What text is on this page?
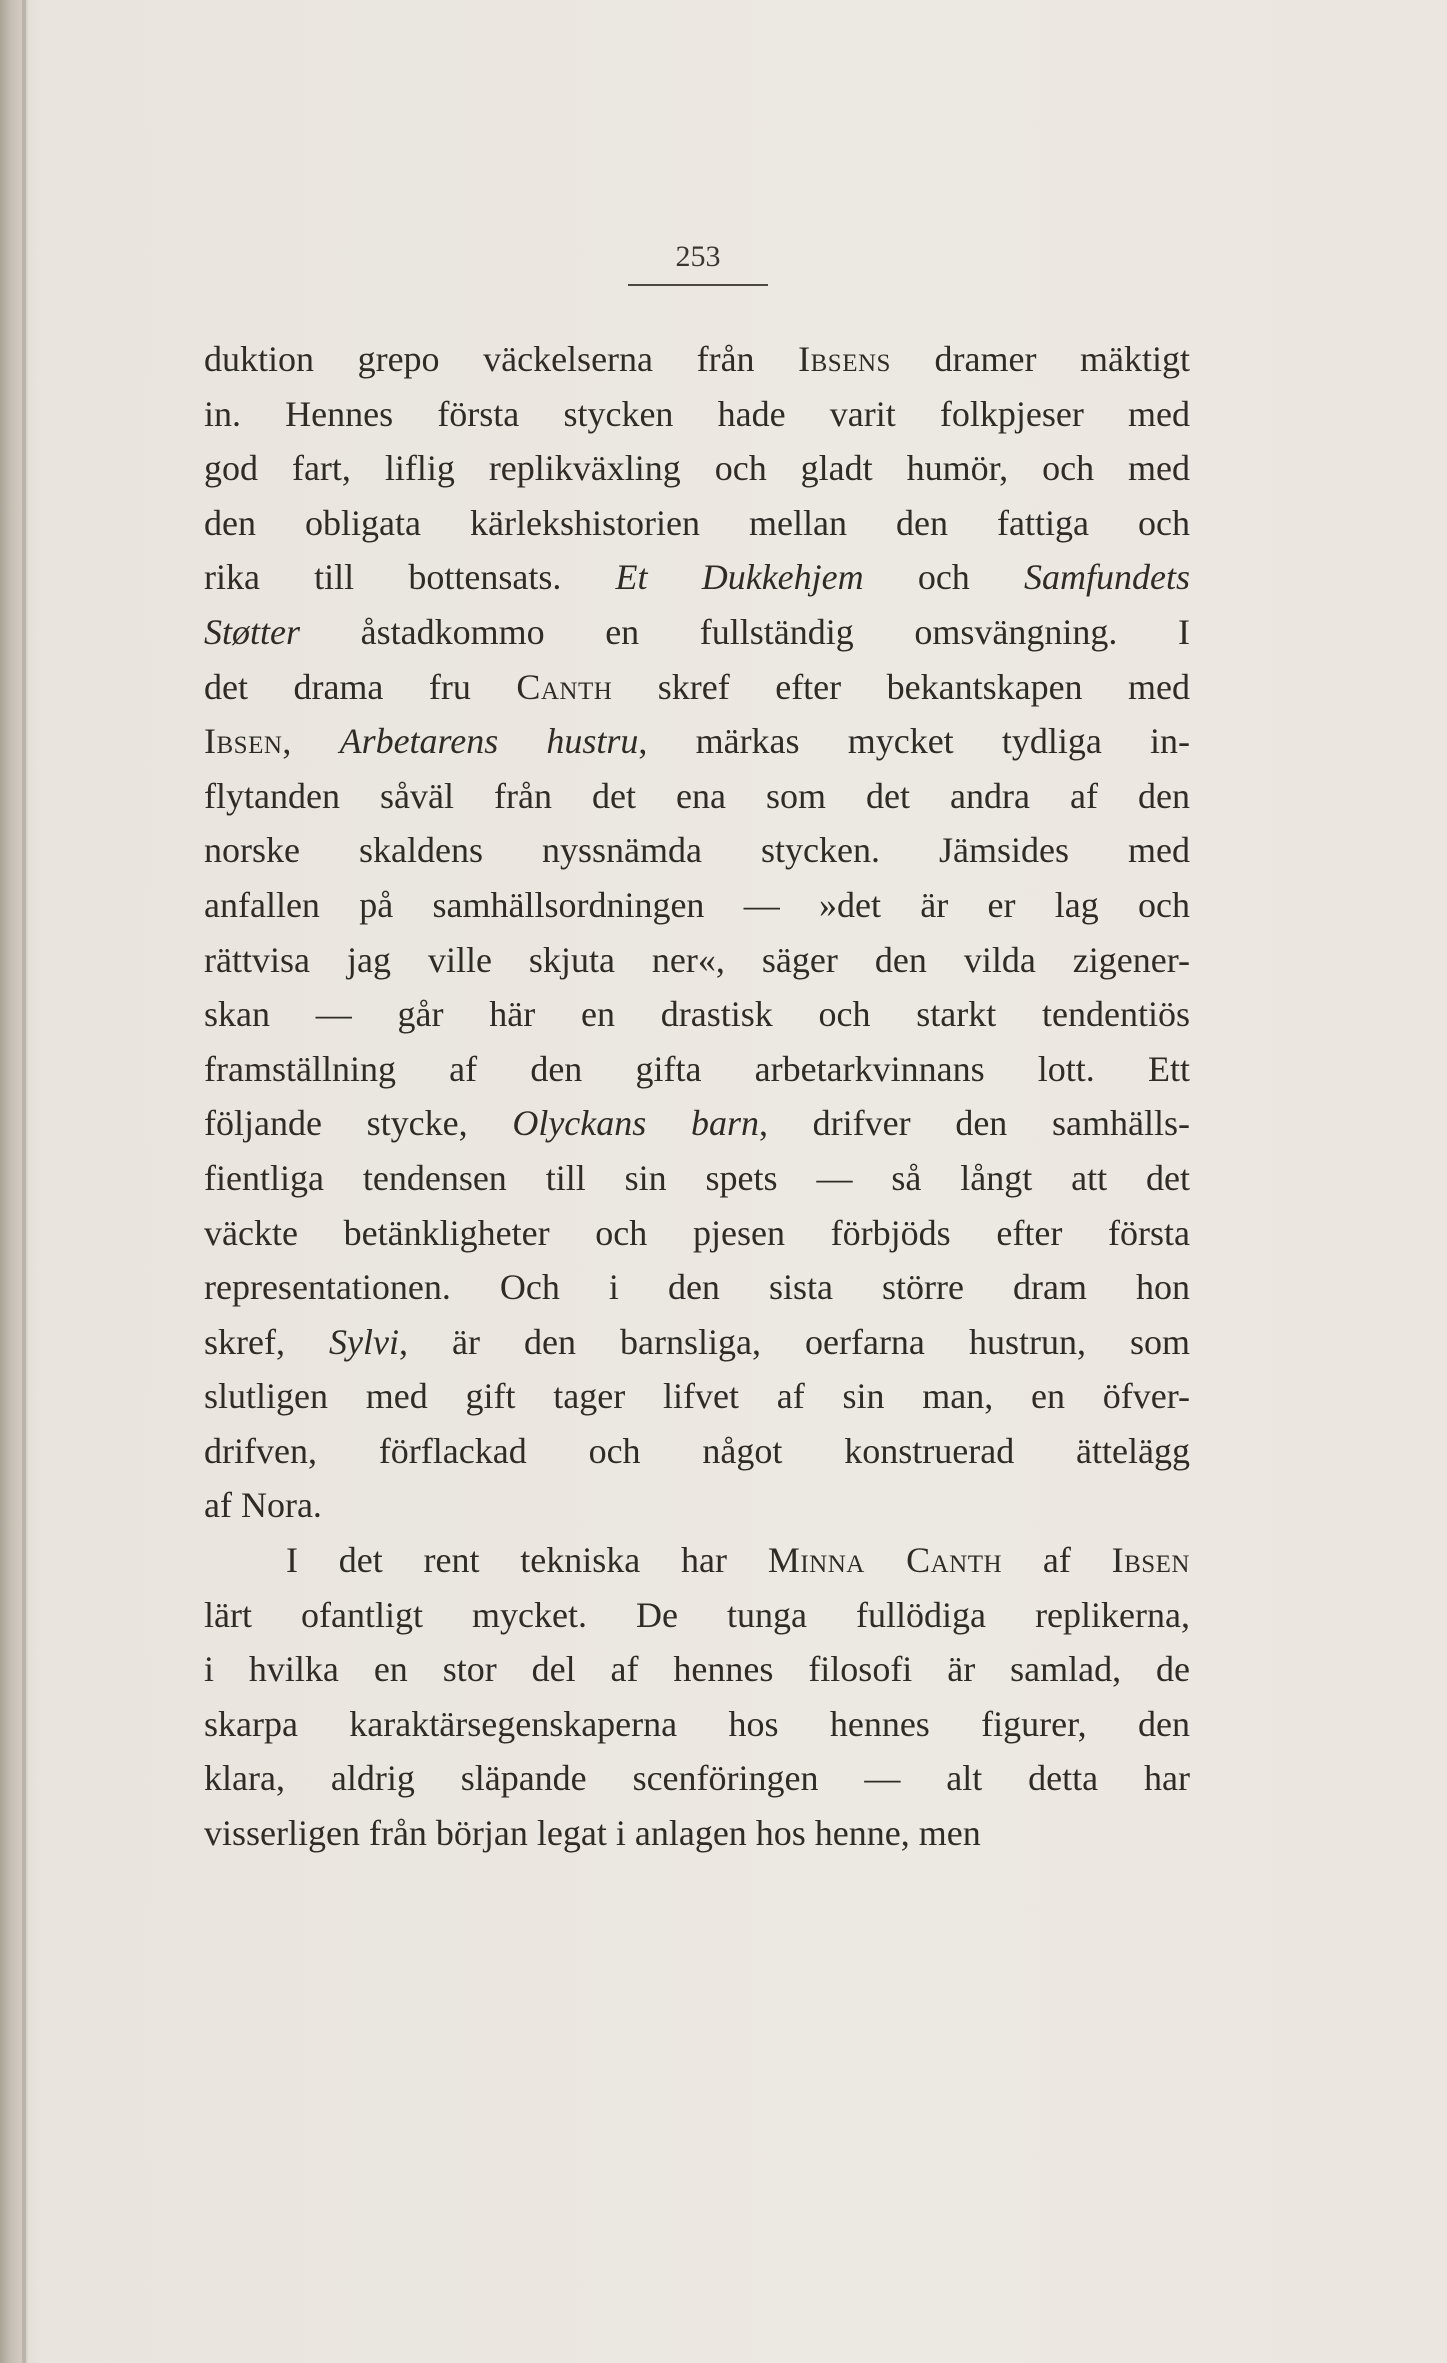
253
duktion grepo väckelserna från Ibsens dramer mäktigt
in. Hennes första stycken hade varit folkpjeser med
god fart, liflig replikväxling och gladt humör, och med
den obligata kärlekshistorien mellan den fattiga och
rika till bottensats. Et Dukkehjem och Samfundets
Støtter åstadkommo en fullständig omsvängning. I
det drama fru Canth skref efter bekantskapen med
Ibsen, Arbetarens hustru, märkas mycket tydliga in-
flytanden såväl från det ena som det andra af den
norske skaldens nyssnämda stycken. Jämsides med
anfallen på samhällsordningen — »det är er lag och
rättvisa jag ville skjuta ner«, säger den vilda zigener-
skan — går här en drastisk och starkt tendentiös
framställning af den gifta arbetarkvinnans lott. Ett
följande stycke, Olyckans barn, drifver den samhälls-
fientliga tendensen till sin spets — så långt att det
väckte betänkligheter och pjesen förbjöds efter första
representationen. Och i den sista större dram hon
skref, Sylvi, är den barnsliga, oerfarna hustrun, som
slutligen med gift tager lifvet af sin man, en öfver-
drifven, förflackad och något konstruerad ättelägg
af Nora.
I det rent tekniska har Minna Canth af Ibsen
lärt ofantligt mycket. De tunga fullödiga replikerna,
i hvilka en stor del af hennes filosofi är samlad, de
skarpa karaktärsegenskaperna hos hennes figurer, den
klara, aldrig släpande scenföringen — alt detta har
visserligen från början legat i anlagen hos henne, men
